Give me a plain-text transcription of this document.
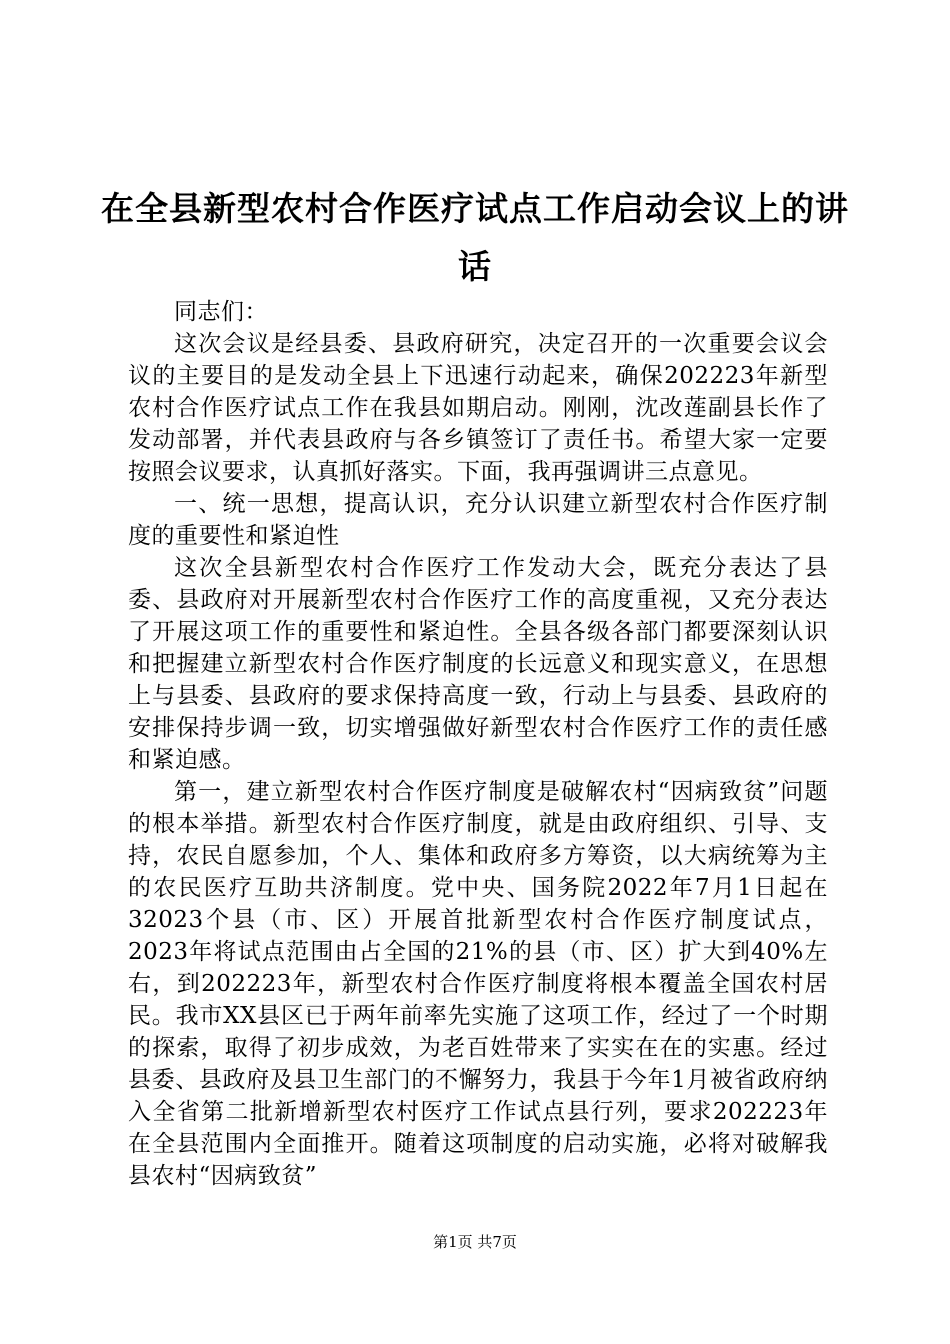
在全县新型农村合作医疗试点工作启动会议上的讲话

同志们：

这次会议是经县委、县政府研究，决定召开的一次重要会议会议的主要目的是发动全县上下迅速行动起来，确保202223年新型农村合作医疗试点工作在我县如期启动。刚刚，沈改莲副县长作了发动部署，并代表县政府与各乡镇签订了责任书。希望大家一定要按照会议要求，认真抓好落实。下面，我再强调讲三点意见。

一、统一思想，提高认识，充分认识建立新型农村合作医疗制度的重要性和紧迫性

这次全县新型农村合作医疗工作发动大会，既充分表达了县委、县政府对开展新型农村合作医疗工作的高度重视，又充分表达了开展这项工作的重要性和紧迫性。全县各级各部门都要深刻认识和把握建立新型农村合作医疗制度的长远意义和现实意义，在思想上与县委、县政府的要求保持高度一致，行动上与县委、县政府的安排保持步调一致，切实增强做好新型农村合作医疗工作的责任感和紧迫感。

第一，建立新型农村合作医疗制度是破解农村“因病致贫”问题的根本举措。新型农村合作医疗制度，就是由政府组织、引导、支持，农民自愿参加，个人、集体和政府多方筹资，以大病统筹为主的农民医疗互助共济制度。党中央、国务院2022年7月1日起在32023个县（市、区）开展首批新型农村合作医疗制度试点，2023年将试点范围由占全国的21%的县（市、区）扩大到40%左右，到202223年，新型农村合作医疗制度将根本覆盖全国农村居民。我市XX县区已于两年前率先实施了这项工作，经过了一个时期的探索，取得了初步成效，为老百姓带来了实实在在的实惠。经过县委、县政府及县卫生部门的不懈努力，我县于今年1月被省政府纳入全省第二批新增新型农村医疗工作试点县行列，要求202223年在全县范围内全面推开。随着这项制度的启动实施，必将对破解我县农村“因病致贫”

第1页 共7页
